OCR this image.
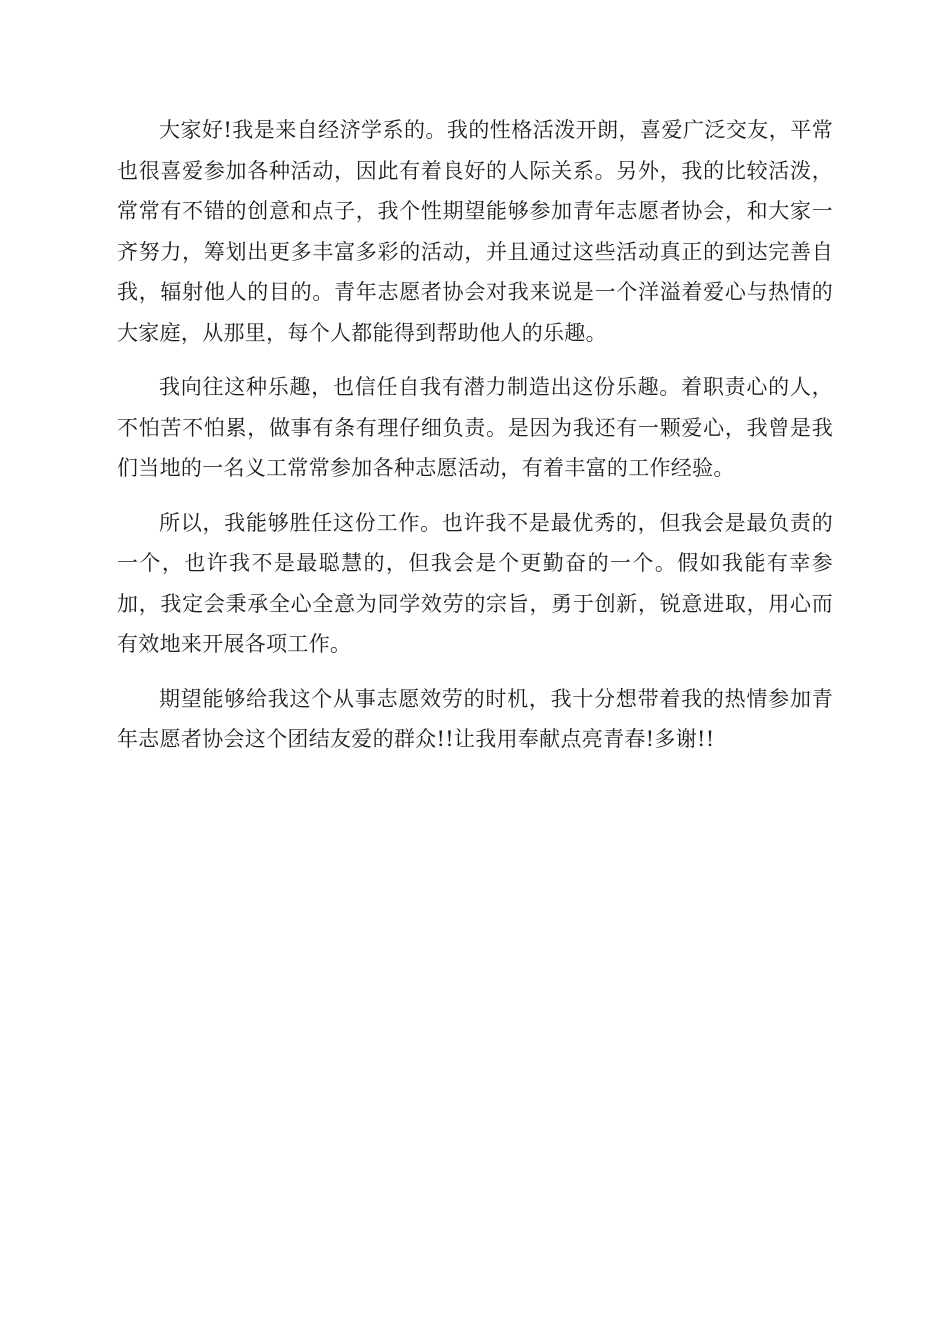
大家好!我是来自经济学系的。我的性格活泼开朗，喜爱广泛交友，平常也很喜爱参加各种活动，因此有着良好的人际关系。另外，我的比较活泼，常常有不错的创意和点子，我个性期望能够参加青年志愿者协会，和大家一齐努力，筹划出更多丰富多彩的活动，并且通过这些活动真正的到达完善自我，辐射他人的目的。青年志愿者协会对我来说是一个洋溢着爱心与热情的大家庭，从那里，每个人都能得到帮助他人的乐趣。

我向往这种乐趣，也信任自我有潜力制造出这份乐趣。着职责心的人，不怕苦不怕累，做事有条有理仔细负责。是因为我还有一颗爱心，我曾是我们当地的一名义工常常参加各种志愿活动，有着丰富的工作经验。

所以，我能够胜任这份工作。也许我不是最优秀的，但我会是最负责的一个，也许我不是最聪慧的，但我会是个更勤奋的一个。假如我能有幸参加，我定会秉承全心全意为同学效劳的宗旨，勇于创新，锐意进取，用心而有效地来开展各项工作。

期望能够给我这个从事志愿效劳的时机，我十分想带着我的热情参加青年志愿者协会这个团结友爱的群众!!让我用奉献点亮青春!多谢!!
